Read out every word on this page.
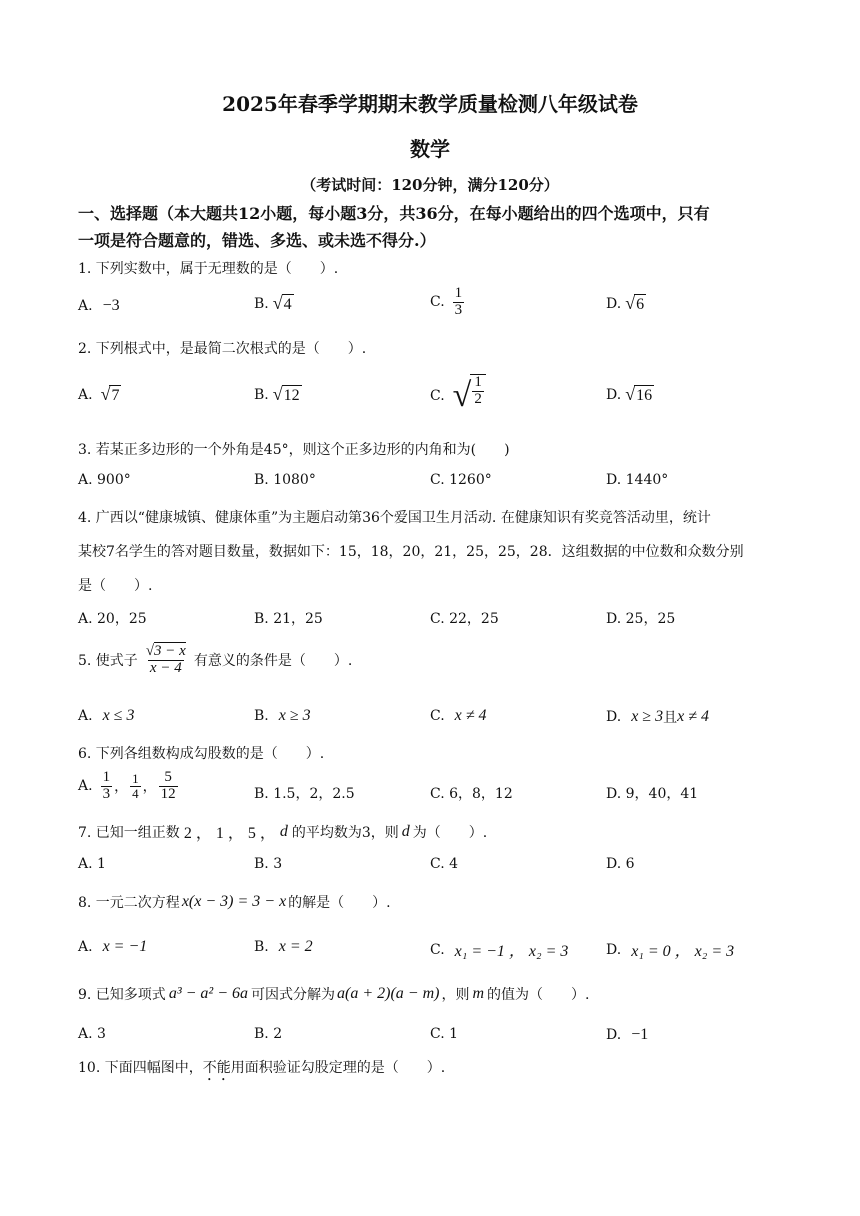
2025年春季学期期末教学质量检测八年级试卷
数学
（考试时间：120分钟，满分120分）
一、选择题（本大题共12小题，每小题3分，共36分，在每小题给出的四个选项中，只有
一项是符合题意的，错选、多选、或未选不得分.）
1. 下列实数中，属于无理数的是（　　）.
A. −3	B. √ 4	C. $\frac{1}{3}$	D. √ 6
2. 下列根式中，是最简二次根式的是（　　）.
A. √ 7	B. √ 12	C. √ $\frac{1}{2}$	D. √ 16
3. 若某正多边形的一个外角是45°，则这个正多边形的内角和为(　　)
A. 900°	B. 1080°	C. 1260°	D. 1440°
4. 广西以“健康城镇、健康体重”为主题启动第36个爱国卫生月活动. 在健康知识有奖竞答活动里，统计
某校7名学生的答对题目数量，数据如下：15，18，20，21，25，25，28．这组数据的中位数和众数分别
是（　　）.
A. 20，25	B. 21，25	C. 22，25	D. 25，25
5. 使式子 $\frac{√3 - x}{x - 4}$ 有意义的条件是（　　）.
A. x ≤ 3	B. x ≥ 3	C. x ≠ 4	D. x ≥ 3 且 x ≠ 4
6. 下列各组数构成勾股数的是（　　）.
A. $\frac{1}{3}$ ， $\frac{1}{4}$ ， $\frac{5}{12}$	B. 1.5，2，2.5	C. 6，8，12	D. 9，40，41
7. 已知一组正数 2 ， 1 ， 5 ， d 的平均数为3，则 d 为（　　）.
A. 1	B. 3	C. 4	D. 6
8. 一元二次方程 x(x − 3) = 3 − x 的解是（　　）.
A. x = −1	B. x = 2	C. x₁ = −1 ， x₂ = 3	D. x₁ = 0 ， x₂ = 3
9. 已知多项式 a³ − a² − 6a 可因式分解为 a(a + 2)(a − m) ，则 m 的值为（　　）.
A. 3	B. 2	C. 1	D. −1
10. 下面四幅图中，不能用面积验证勾股定理的是（　　）.
